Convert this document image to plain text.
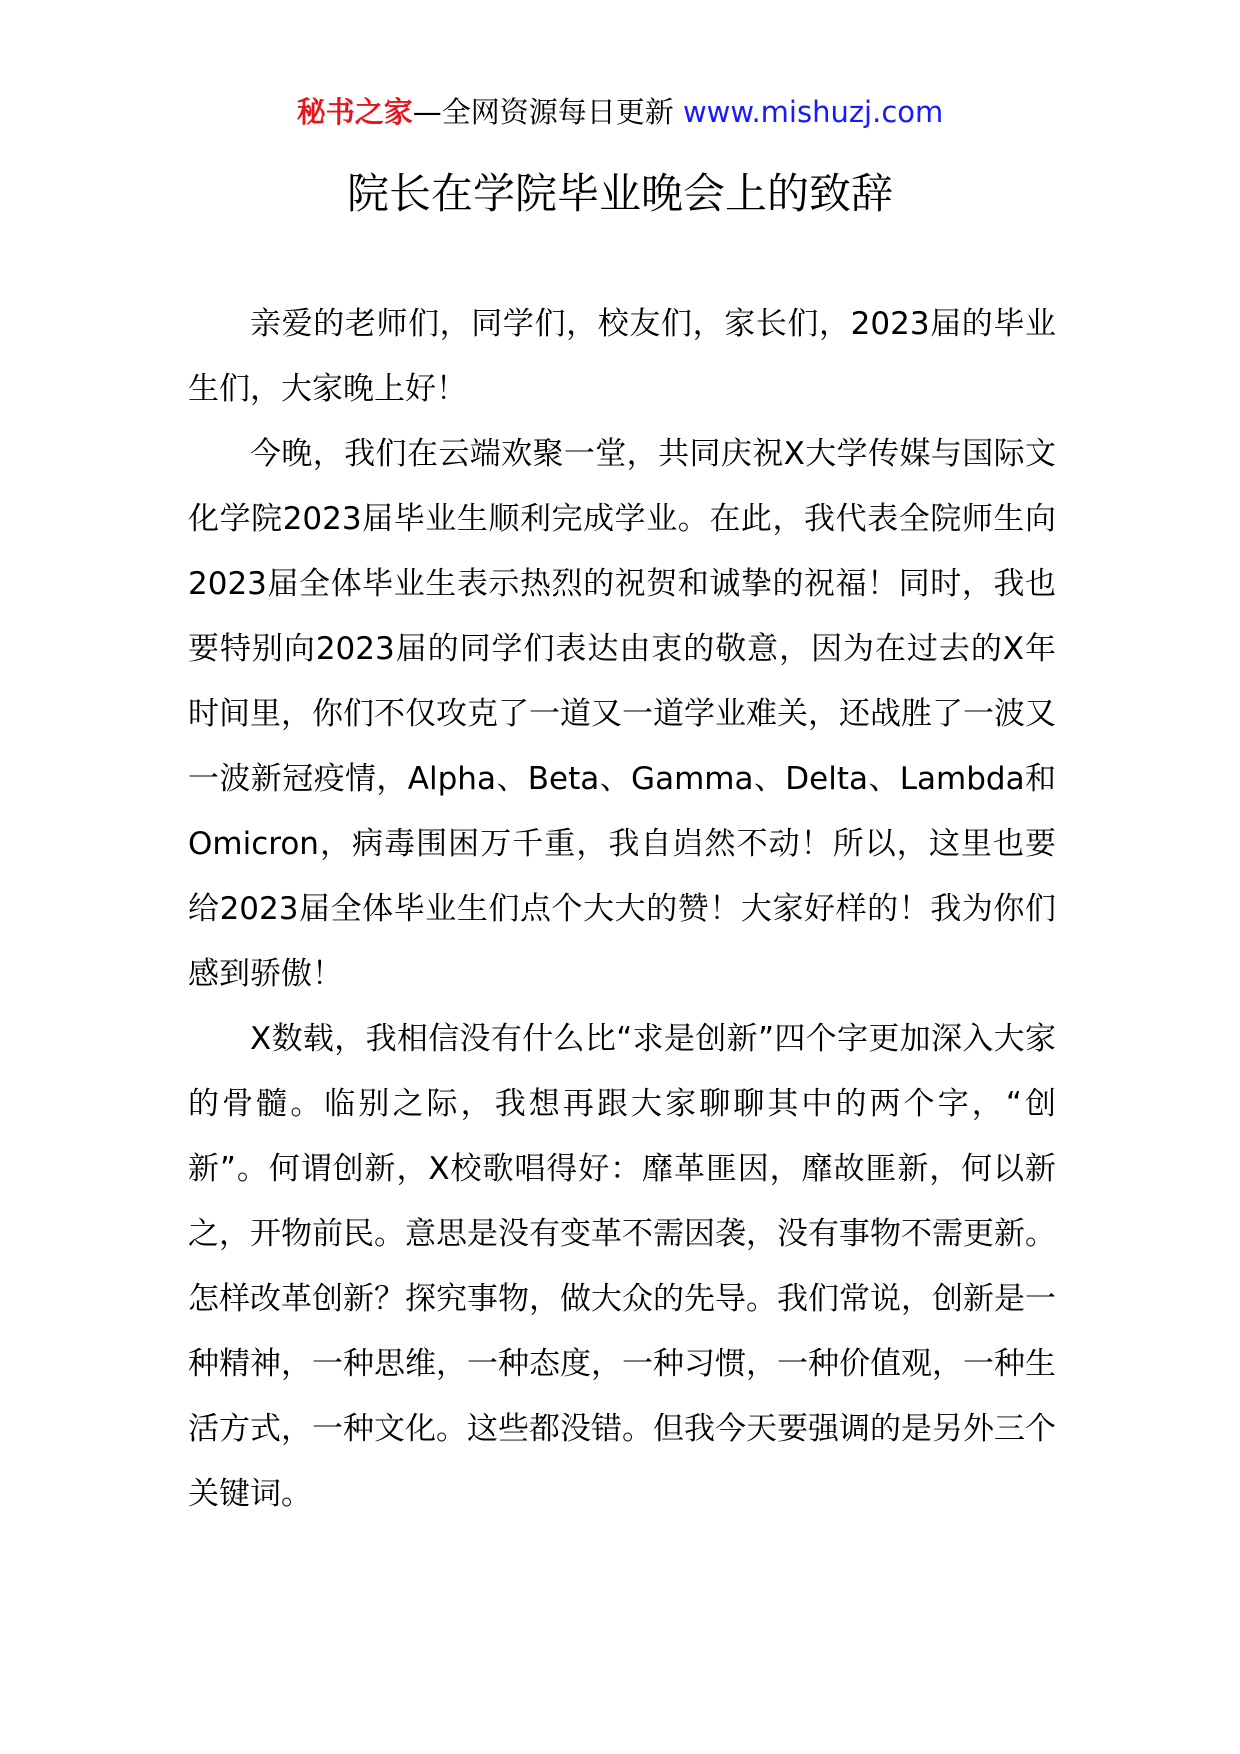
秘书之家—全网资源每日更新 www.mishuzj.com
院长在学院毕业晚会上的致辞

亲爱的老师们，同学们，校友们，家长们，2023届的毕业生们，大家晚上好！

今晚，我们在云端欢聚一堂，共同庆祝X大学传媒与国际文化学院2023届毕业生顺利完成学业。在此，我代表全院师生向2023届全体毕业生表示热烈的祝贺和诚挚的祝福！同时，我也要特别向2023届的同学们表达由衷的敬意，因为在过去的X年时间里，你们不仅攻克了一道又一道学业难关，还战胜了一波又一波新冠疫情，Alpha、Beta、Gamma、Delta、Lambda和Omicron，病毒围困万千重，我自岿然不动！所以，这里也要给2023届全体毕业生们点个大大的赞！大家好样的！我为你们感到骄傲！

X数载，我相信没有什么比“求是创新”四个字更加深入大家的骨髓。临别之际，我想再跟大家聊聊其中的两个字，“创新”。何谓创新，X校歌唱得好：靡革匪因，靡故匪新，何以新之，开物前民。意思是没有变革不需因袭，没有事物不需更新。怎样改革创新？探究事物，做大众的先导。我们常说，创新是一种精神，一种思维，一种态度，一种习惯，一种价值观，一种生活方式，一种文化。这些都没错。但我今天要强调的是另外三个关键词。
